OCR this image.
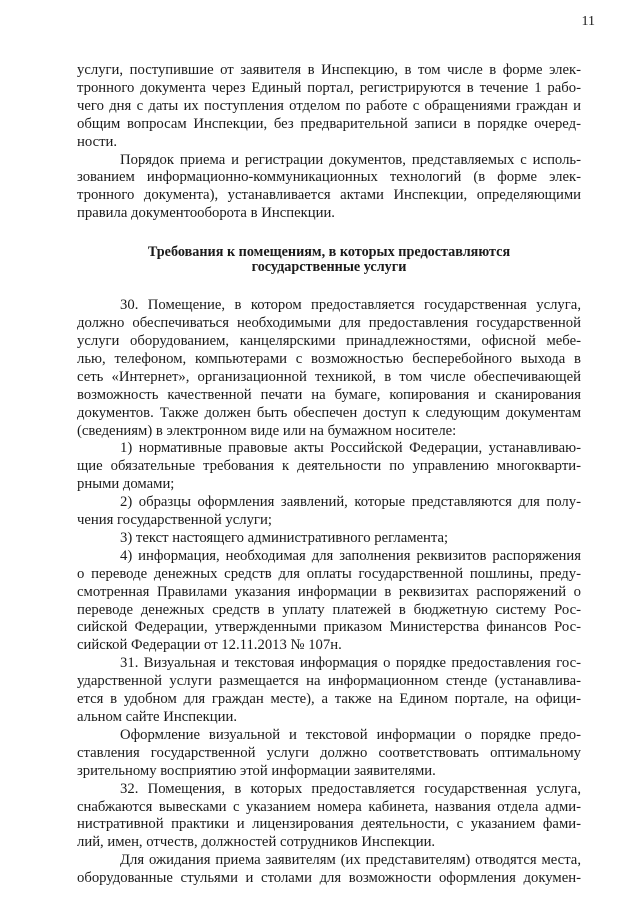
11
услуги, поступившие от заявителя в Инспекцию, в том числе в форме элек-
тронного документа через Единый портал, регистрируются в течение 1 рабо-
чего дня с даты их поступления отделом по работе с обращениями граждан и
общим вопросам Инспекции, без предварительной записи в порядке очеред-
ности.
Порядок приема и регистрации документов, представляемых с исполь-
зованием информационно-коммуникационных технологий (в форме элек-
тронного документа), устанавливается актами Инспекции, определяющими
правила документооборота в Инспекции.
Требования к помещениям, в которых предоставляются
государственные услуги
30. Помещение, в котором предоставляется государственная услуга,
должно обеспечиваться необходимыми для предоставления государственной
услуги оборудованием, канцелярскими принадлежностями, офисной мебе-
лью, телефоном, компьютерами с возможностью бесперебойного выхода в
сеть «Интернет», организационной техникой, в том числе обеспечивающей
возможность качественной печати на бумаге, копирования и сканирования
документов. Также должен быть обеспечен доступ к следующим документам
(сведениям) в электронном виде или на бумажном носителе:
1) нормативные правовые акты Российской Федерации, устанавливаю-
щие обязательные требования к деятельности по управлению многокварти-
рными домами;
2) образцы оформления заявлений, которые представляются для полу-
чения государственной услуги;
3) текст настоящего административного регламента;
4) информация, необходимая для заполнения реквизитов распоряжения
о переводе денежных средств для оплаты государственной пошлины, преду-
смотренная Правилами указания информации в реквизитах распоряжений о
переводе денежных средств в уплату платежей в бюджетную систему Рос-
сийской Федерации, утвержденными приказом Министерства финансов Рос-
сийской Федерации от 12.11.2013 № 107н.
31. Визуальная и текстовая информация о порядке предоставления гос-
ударственной услуги размещается на информационном стенде (устанавлива-
ется в удобном для граждан месте), а также на Едином портале, на офици-
альном сайте Инспекции.
Оформление визуальной и текстовой информации о порядке предо-
ставления государственной услуги должно соответствовать оптимальному
зрительному восприятию этой информации заявителями.
32. Помещения, в которых предоставляется государственная услуга,
снабжаются вывесками с указанием номера кабинета, названия отдела адми-
нистративной практики и лицензирования деятельности, с указанием фами-
лий, имен, отчеств, должностей сотрудников Инспекции.
Для ожидания приема заявителям (их представителям) отводятся места,
оборудованные стульями и столами для возможности оформления докумен-
